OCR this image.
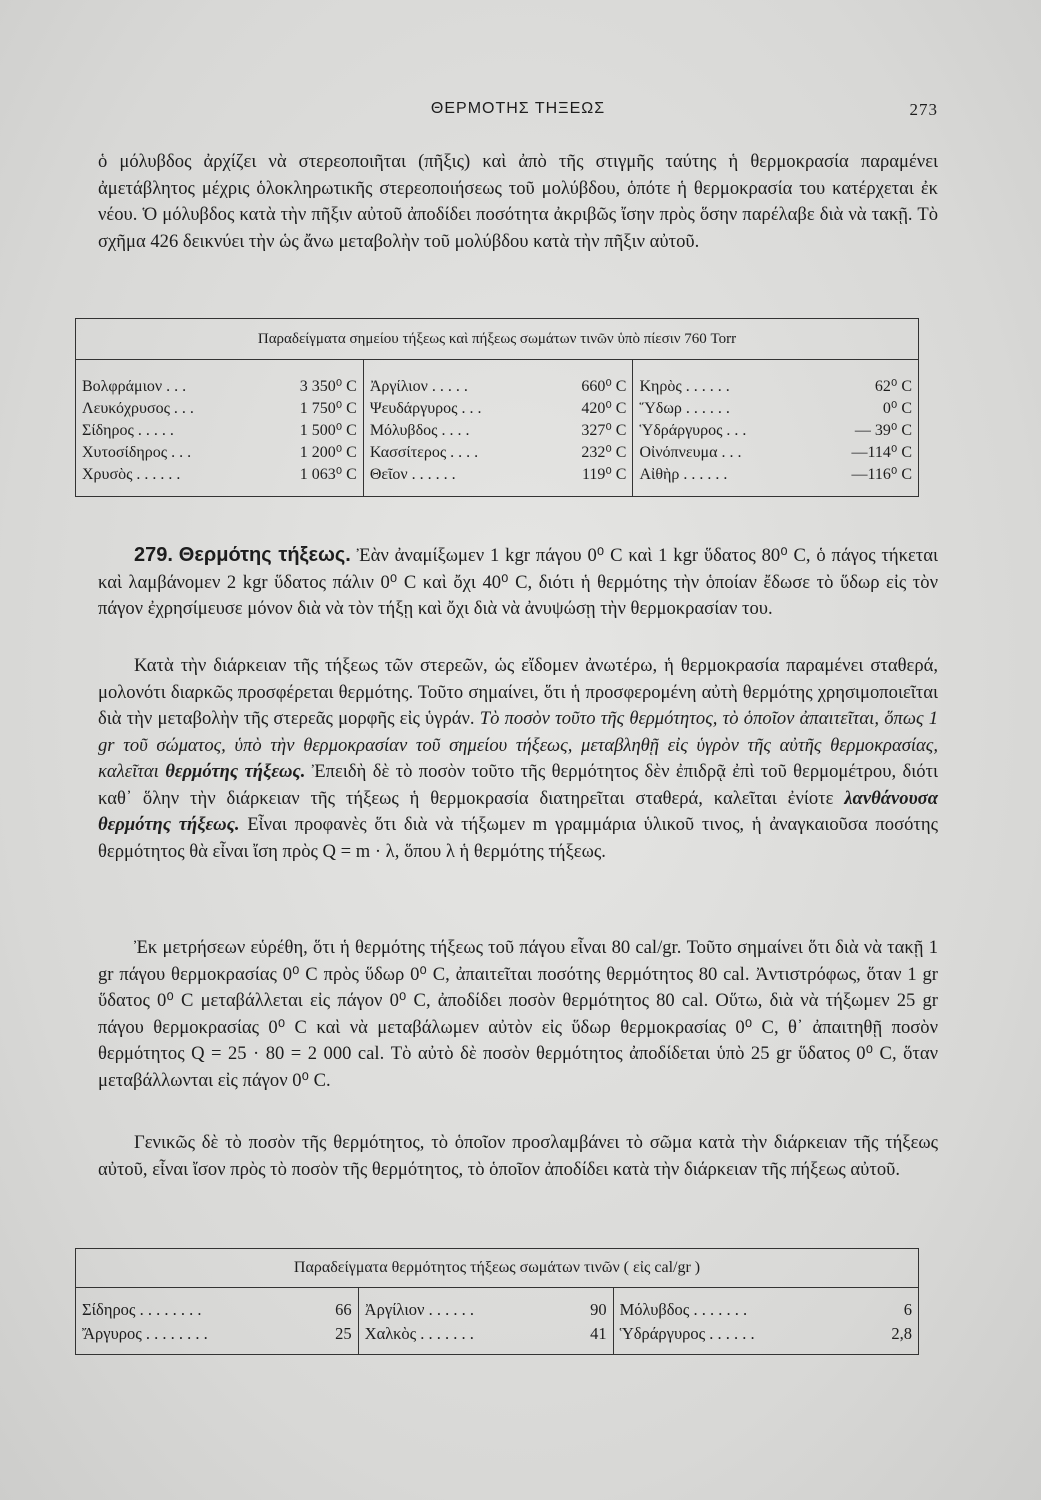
ΘΕΡΜΟΤΗΣ ΤΗΞΕΩΣ	273
ὁ μόλυβδος ἀρχίζει νὰ στερεοποιῆται (πῆξις) καὶ ἀπὸ τῆς στιγμῆς ταύτης ἡ θερμοκρασία παραμένει ἀμετάβλητος μέχρις ὁλοκληρωτικῆς στερεοποιήσεως τοῦ μολύβδου, ὁπότε ἡ θερμοκρασία του κατέρχεται ἐκ νέου. Ὁ μόλυβδος κατὰ τὴν πῆξιν αὐτοῦ ἀποδίδει ποσότητα ἀκριβῶς ἴσην πρὸς ὅσην παρέλαβε διὰ νὰ τακῇ. Τὸ σχῆμα 426 δεικνύει τὴν ὡς ἄνω μεταβολὴν τοῦ μολύβδου κατὰ τὴν πῆξιν αὐτοῦ.
Παραδείγματα σημείου τήξεως καὶ πήξεως σωμάτων τινῶν ὑπὸ πίεσιν 760 Torr					
Βολφράμιον . . .	3 350⁰ C	Ἀργίλιον . . . . .	660⁰ C	Κηρὸς . . . . . .	62⁰ C
Λευκόχρυσος . . .	1 750⁰ C	Ψευδάργυρος . . .	420⁰ C	Ὕδωρ . . . . . .	0⁰ C
Σίδηρος . . . . .	1 500⁰ C	Μόλυβδος . . . .	327⁰ C	Ὑδράργυρος . . .	— 39⁰ C
Χυτοσίδηρος . . .	1 200⁰ C	Κασσίτερος . . . .	232⁰ C	Οἰνόπνευμα . . .	—114⁰ C
Χρυσὸς . . . . . .	1 063⁰ C	Θεῖον . . . . . .	119⁰ C	Αἰθὴρ . . . . . .	—116⁰ C
279. Θερμότης τήξεως. Ἐὰν ἀναμίξωμεν 1 kgr πάγου 0⁰ C καὶ 1 kgr ὕδατος 80⁰ C, ὁ πάγος τήκεται καὶ λαμβάνομεν 2 kgr ὕδατος πάλιν 0⁰ C καὶ ὄχι 40⁰ C, διότι ἡ θερμότης τὴν ὁποίαν ἔδωσε τὸ ὕδωρ εἰς τὸν πάγον ἐχρησίμευσε μόνον διὰ νὰ τὸν τήξῃ καὶ ὄχι διὰ νὰ ἀνυψώσῃ τὴν θερμοκρασίαν του.
Κατὰ τὴν διάρκειαν τῆς τήξεως τῶν στερεῶν, ὡς εἴδομεν ἀνωτέρω, ἡ θερμοκρασία παραμένει σταθερά, μολονότι διαρκῶς προσφέρεται θερμότης. Τοῦτο σημαίνει, ὅτι ἡ προσφερομένη αὐτὴ θερμότης χρησιμοποιεῖται διὰ τὴν μεταβολὴν τῆς στερεᾶς μορφῆς εἰς ὑγράν. Τὸ ποσὸν τοῦτο τῆς θερμότητος, τὸ ὁποῖον ἀπαιτεῖται, ὅπως 1 gr τοῦ σώματος, ὑπὸ τὴν θερμοκρασίαν τοῦ σημείου τήξεως, μεταβληθῇ εἰς ὑγρὸν τῆς αὐτῆς θερμοκρασίας, καλεῖται θερμότης τήξεως. Ἐπειδὴ δὲ τὸ ποσὸν τοῦτο τῆς θερμότητος δὲν ἐπιδρᾷ ἐπὶ τοῦ θερμομέτρου, διότι καθ᾽ ὅλην τὴν διάρκειαν τῆς τήξεως ἡ θερμοκρασία διατηρεῖται σταθερά, καλεῖται ἐνίοτε λανθάνουσα θερμότης τήξεως. Εἶναι προφανὲς ὅτι διὰ νὰ τήξωμεν m γραμμάρια ὑλικοῦ τινος, ἡ ἀναγκαιοῦσα ποσότης θερμότητος θὰ εἶναι ἴση πρὸς Q = m · λ, ὅπου λ ἡ θερμότης τήξεως.
Ἐκ μετρήσεων εὑρέθη, ὅτι ἡ θερμότης τήξεως τοῦ πάγου εἶναι 80 cal/gr. Τοῦτο σημαίνει ὅτι διὰ νὰ τακῇ 1 gr πάγου θερμοκρασίας 0⁰ C πρὸς ὕδωρ 0⁰ C, ἀπαιτεῖται ποσότης θερμότητος 80 cal. Ἀντιστρόφως, ὅταν 1 gr ὕδατος 0⁰ C μεταβάλλεται εἰς πάγον 0⁰ C, ἀποδίδει ποσὸν θερμότητος 80 cal. Οὕτω, διὰ νὰ τήξωμεν 25 gr πάγου θερμοκρασίας 0⁰ C καὶ νὰ μεταβάλωμεν αὐτὸν εἰς ὕδωρ θερμοκρασίας 0⁰ C, θ᾽ ἀπαιτηθῇ ποσὸν θερμότητος Q = 25 · 80 = 2 000 cal. Τὸ αὐτὸ δὲ ποσὸν θερμότητος ἀποδίδεται ὑπὸ 25 gr ὕδατος 0⁰ C, ὅταν μεταβάλλωνται εἰς πάγον 0⁰ C.
Γενικῶς δὲ τὸ ποσὸν τῆς θερμότητος, τὸ ὁποῖον προσλαμβάνει τὸ σῶμα κατὰ τὴν διάρκειαν τῆς τήξεως αὐτοῦ, εἶναι ἴσον πρὸς τὸ ποσὸν τῆς θερμότητος, τὸ ὁποῖον ἀποδίδει κατὰ τὴν διάρκειαν τῆς πήξεως αὐτοῦ.
Παραδείγματα θερμότητος τήξεως σωμάτων τινῶν ( εἰς cal/gr )					
Σίδηρος . . . . . . . .	66	Ἀργίλιον . . . . . .	90	Μόλυβδος . . . . . . .	6
Ἄργυρος . . . . . . . .	25	Χαλκὸς . . . . . . .	41	Ὑδράργυρος . . . . . .	2,8
